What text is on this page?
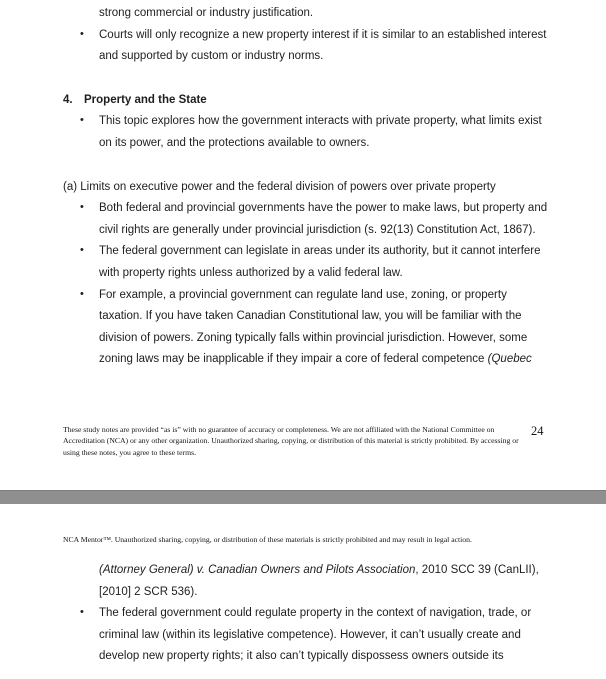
strong commercial or industry justification.

• Courts will only recognize a new property interest if it is similar to an established interest and supported by custom or industry norms.

4. Property and the State

• This topic explores how the government interacts with private property, what limits exist on its power, and the protections available to owners.

(a) Limits on executive power and the federal division of powers over private property

• Both federal and provincial governments have the power to make laws, but property and civil rights are generally under provincial jurisdiction (s. 92(13) Constitution Act, 1867).
• The federal government can legislate in areas under its authority, but it cannot interfere with property rights unless authorized by a valid federal law.
• For example, a provincial government can regulate land use, zoning, or property taxation. If you have taken Canadian Constitutional law, you will be familiar with the division of powers. Zoning typically falls within provincial jurisdiction. However, some zoning laws may be inapplicable if they impair a core of federal competence (Quebec
These study notes are provided “as is” with no guarantee of accuracy or completeness. We are not affiliated with the National Committee on Accreditation (NCA) or any other organization. Unauthorized sharing, copying, or distribution of this material is strictly prohibited. By accessing or using these notes, you agree to these terms.
24
NCA Mentor™. Unauthorized sharing, copying, or distribution of these materials is strictly prohibited and may result in legal action.

(Attorney General) v. Canadian Owners and Pilots Association, 2010 SCC 39 (CanLII),

[2010] 2 SCR 536).

• The federal government could regulate property in the context of navigation, trade, or criminal law (within its legislative competence). However, it can’t usually create and develop new property rights; it also can’t typically dispossess owners outside its
